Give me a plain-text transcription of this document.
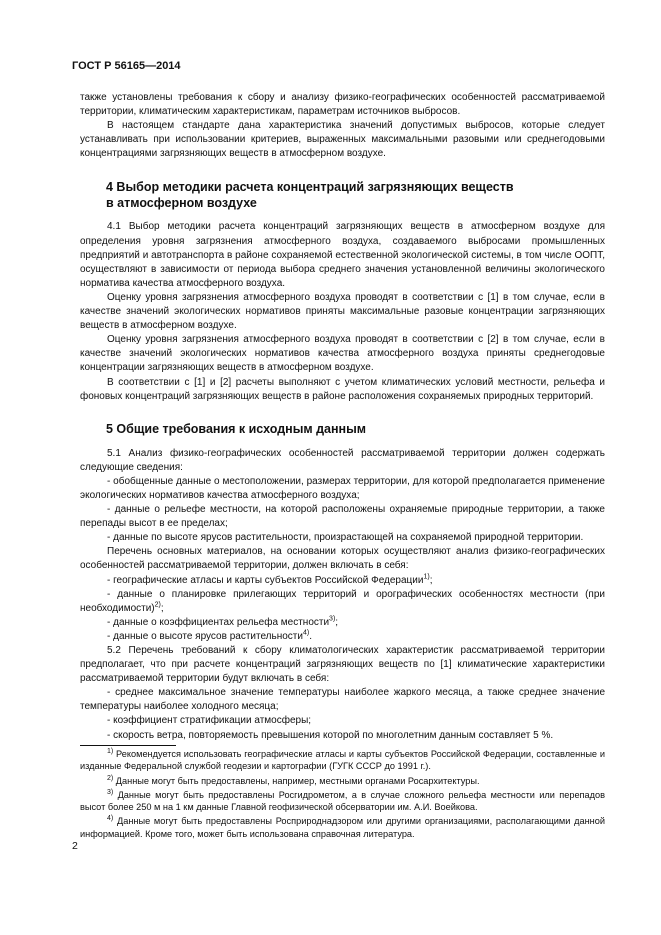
ГОСТ Р 56165—2014

также установлены требования к сбору и анализу физико-географических особенностей рассматриваемой территории, климатическим характеристикам, параметрам источников выбросов.

В настоящем стандарте дана характеристика значений допустимых выбросов, которые следует устанавливать при использовании критериев, выраженных максимальными разовыми или среднегодовыми концентрациями загрязняющих веществ в атмосферном воздухе.

4 Выбор методики расчета концентраций загрязняющих веществ
в атмосферном воздухе

4.1 Выбор методики расчета концентраций загрязняющих веществ в атмосферном воздухе для определения уровня загрязнения атмосферного воздуха, создаваемого выбросами промышленных предприятий и автотранспорта в районе сохраняемой естественной экологической системы, в том числе ООПТ, осуществляют в зависимости от периода выбора среднего значения установленной величины экологического норматива качества атмосферного воздуха.

Оценку уровня загрязнения атмосферного воздуха проводят в соответствии с [1] в том случае, если в качестве значений экологических нормативов приняты максимальные разовые концентрации загрязняющих веществ в атмосферном воздухе.

Оценку уровня загрязнения атмосферного воздуха проводят в соответствии с [2] в том случае, если в качестве значений экологических нормативов качества атмосферного воздуха приняты среднегодовые концентрации загрязняющих веществ в атмосферном воздухе.

В соответствии с [1] и [2] расчеты выполняют с учетом климатических условий местности, рельефа и фоновых концентраций загрязняющих веществ в районе расположения сохраняемых природных территорий.

5 Общие требования к исходным данным

5.1 Анализ физико-географических особенностей рассматриваемой территории должен содержать следующие сведения:

- обобщенные данные о местоположении, размерах территории, для которой предполагается применение экологических нормативов качества атмосферного воздуха;

- данные о рельефе местности, на которой расположены охраняемые природные территории, а также перепады высот в ее пределах;

- данные по высоте ярусов растительности, произрастающей на сохраняемой природной территории.

Перечень основных материалов, на основании которых осуществляют анализ физико-географических особенностей рассматриваемой территории, должен включать в себя:

- географические атласы и карты субъектов Российской Федерации$^{1)}$;

- данные о планировке прилегающих территорий и орографических особенностях местности (при необходимости)$^{2)}$;

- данные о коэффициентах рельефа местности$^{3)}$;

- данные о высоте ярусов растительности$^{4)}$.

5.2 Перечень требований к сбору климатологических характеристик рассматриваемой территории предполагает, что при расчете концентраций загрязняющих веществ по [1] климатические характеристики рассматриваемой территории будут включать в себя:

- среднее максимальное значение температуры наиболее жаркого месяца, а также среднее значение температуры наиболее холодного месяца;

- коэффициент стратификации атмосферы;

- скорость ветра, повторяемость превышения которой по многолетним данным составляет 5 %.

$^{1)}$ Рекомендуется использовать географические атласы и карты субъектов Российской Федерации, составленные и изданные Федеральной службой геодезии и картографии (ГУГК СССР до 1991 г.).

$^{2)}$ Данные могут быть предоставлены, например, местными органами Росархитектуры.

$^{3)}$ Данные могут быть предоставлены Росгидрометом, а в случае сложного рельефа местности или перепадов высот более 250 м на 1 км данные Главной геофизической обсерватории им. А.И. Воейкова.

$^{4)}$ Данные могут быть предоставлены Росприроднадзором или другими организациями, располагающими данной информацией. Кроме того, может быть использована справочная литература.

2
